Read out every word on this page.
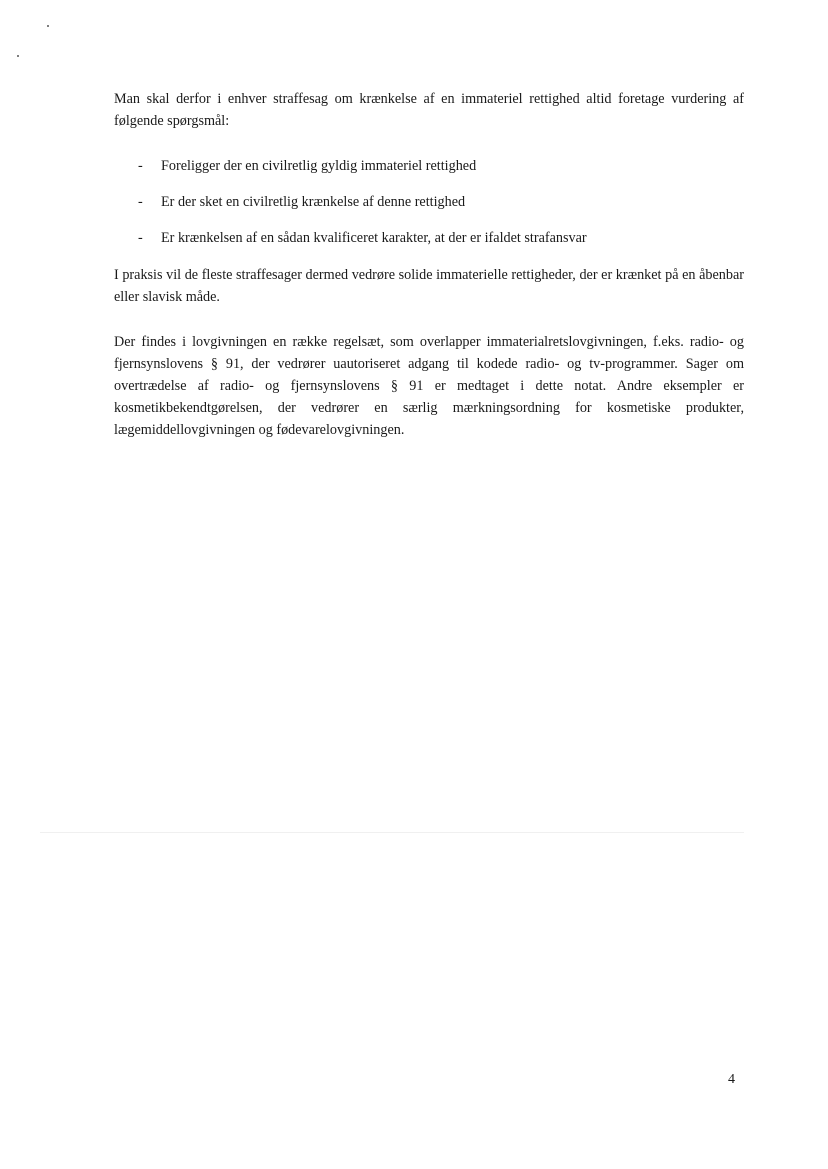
Man skal derfor i enhver straffesag om krænkelse af en immateriel rettighed altid foretage vurdering af følgende spørgsmål:

- Foreligger der en civilretlig gyldig immateriel rettighed
- Er der sket en civilretlig krænkelse af denne rettighed
- Er krænkelsen af en sådan kvalificeret karakter, at der er ifaldet strafansvar

I praksis vil de fleste straffesager dermed vedrøre solide immaterielle rettigheder, der er krænket på en åbenbar eller slavisk måde.

Der findes i lovgivningen en række regelsæt, som overlapper immaterialretslovgivningen, f.eks. radio- og fjernsynslovens § 91, der vedrører uautoriseret adgang til kodede radio- og tv-programmer. Sager om overtrædelse af radio- og fjernsynslovens § 91 er medtaget i dette notat. Andre eksempler er kosmetikbekendtgørelsen, der vedrører en særlig mærkningsordning for kosmetiske produkter, lægemiddellovgivningen og fødevarelovgivningen.

4
